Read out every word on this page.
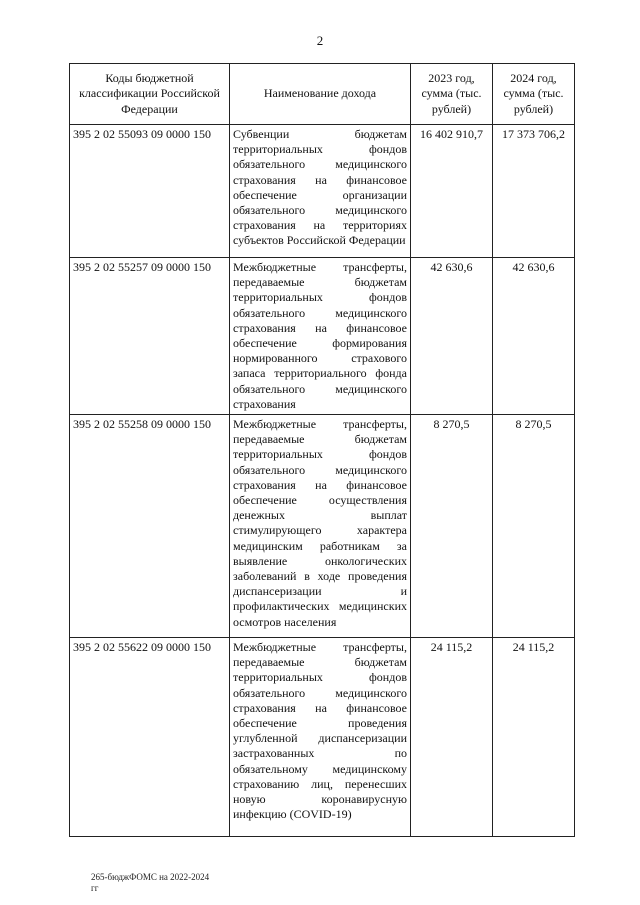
2
Коды бюджетной классификации Российской Федерации	Наименование дохода	2023 год, сумма (тыс. рублей)	2024 год, сумма (тыс. рублей)
395 2 02 55093 09 0000 150	Субвенции бюджетам территориальных фондов обязательного медицинского страхования на финансовое обеспечение организации обязательного медицинского страхования на территориях субъектов Российской Федерации	16 402 910,7	17 373 706,2
395 2 02 55257 09 0000 150	Межбюджетные трансферты, передаваемые бюджетам территориальных фондов обязательного медицинского страхования на финансовое обеспечение формирования нормированного страхового запаса территориального фонда обязательного медицинского страхования	42 630,6	42 630,6
395 2 02 55258 09 0000 150	Межбюджетные трансферты, передаваемые бюджетам территориальных фондов обязательного медицинского страхования на финансовое обеспечение осуществления денежных выплат стимулирующего характера медицинским работникам за выявление онкологических заболеваний в ходе проведения диспансеризации и профилактических медицинских осмотров населения	8 270,5	8 270,5
395 2 02 55622 09 0000 150	Межбюджетные трансферты, передаваемые бюджетам территориальных фондов обязательного медицинского страхования на финансовое обеспечение проведения углубленной диспансеризации застрахованных по обязательному медицинскому страхованию лиц, перенесших новую коронавирусную инфекцию (COVID-19)	24 115,2	24 115,2
265-бюджФОМС на 2022-2024
гг
